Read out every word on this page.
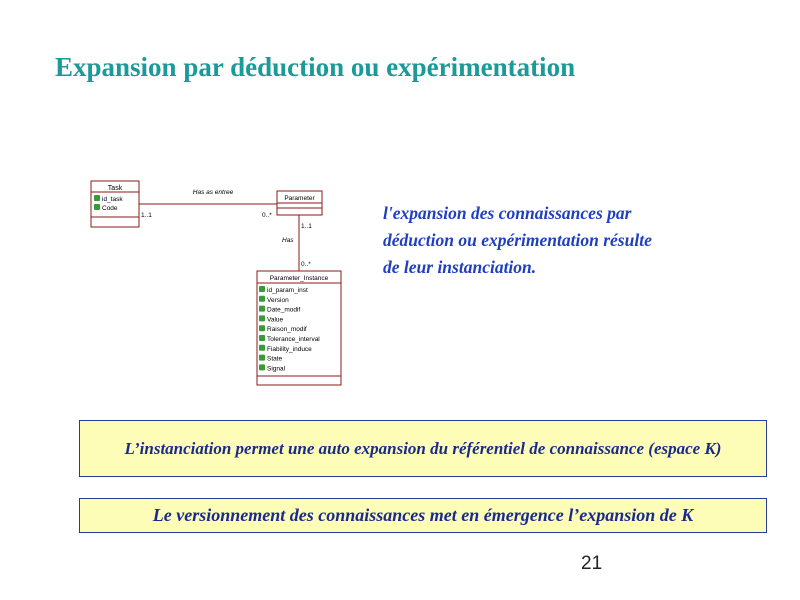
Expansion par déduction ou expérimentation
Task
id_task
Code
Parameter
Has as entree
1..1	0..*
1..1
Has
0..*
Parameter_Instance
id_param_inst
Version
Date_modif
Value
Raison_modif
Tolerance_interval
Fiability_induce
State
Signal
l'expansion des connaissances par
déduction ou expérimentation résulte
de leur instanciation.
L’instanciation permet une auto expansion du référentiel de connaissance (espace K)
Le versionnement des connaissances met en émergence l’expansion de K
21
